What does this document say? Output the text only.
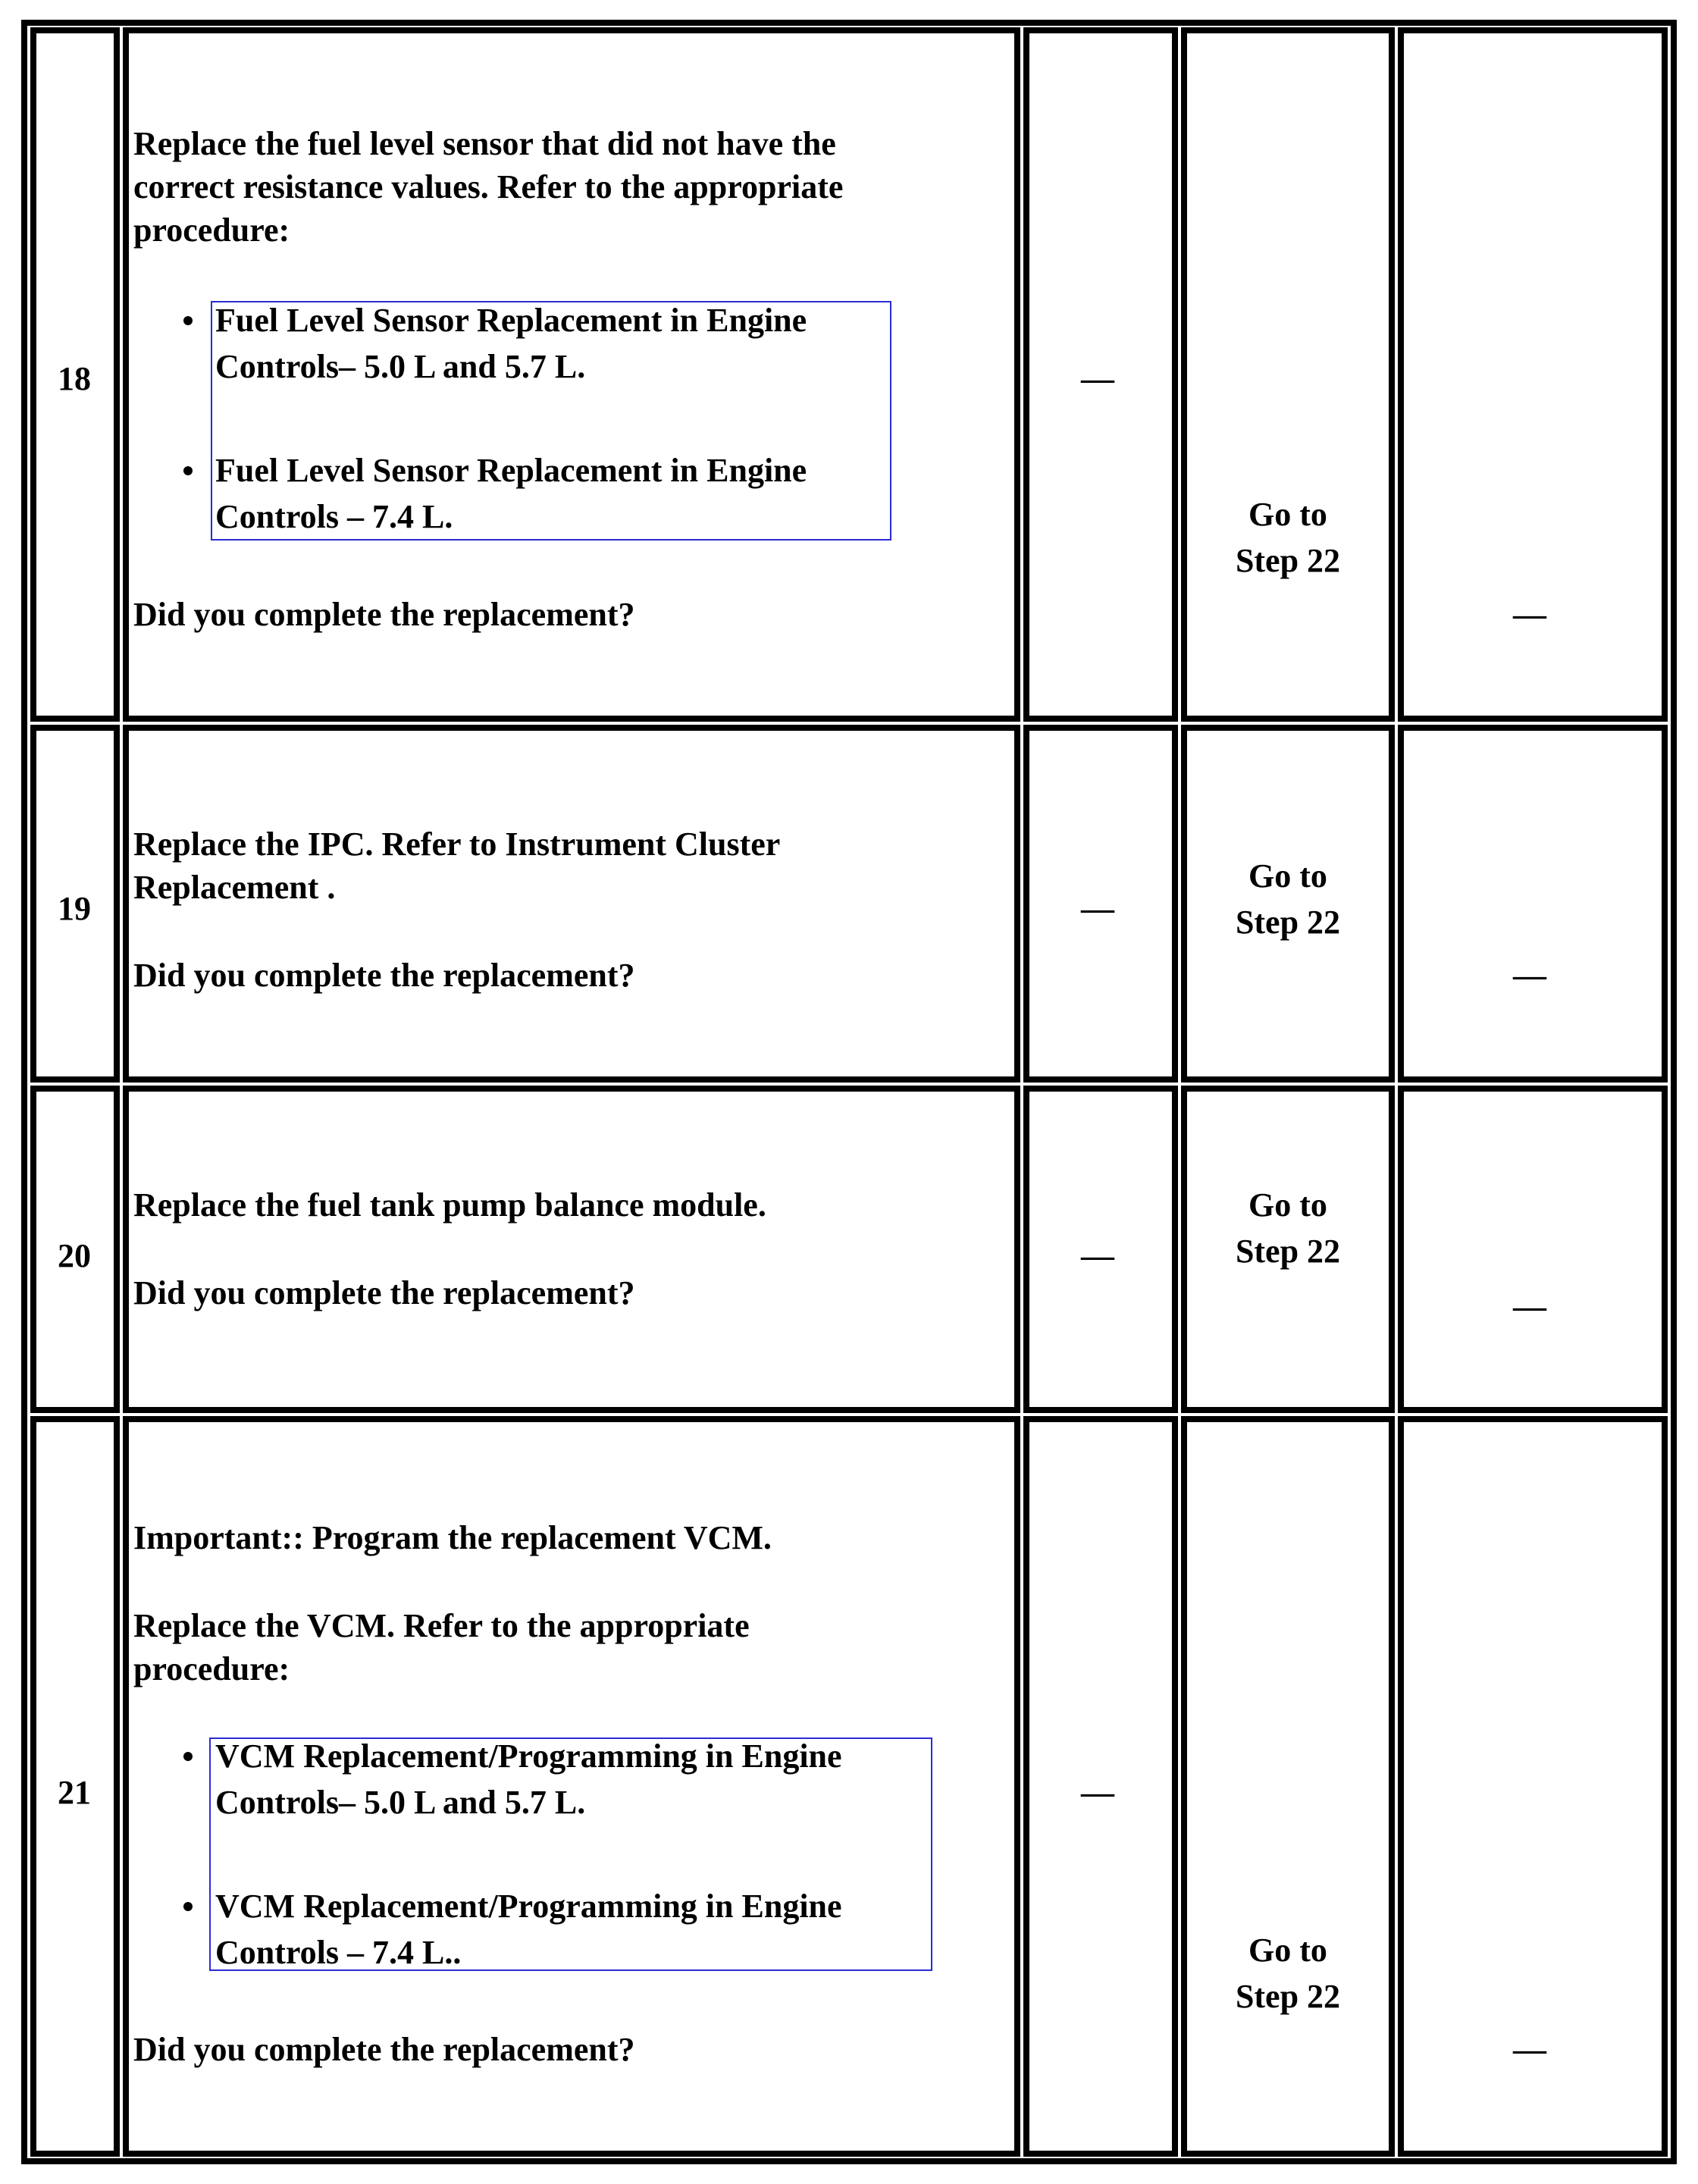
18
Replace the fuel level sensor that did not have the
correct resistance values. Refer to the appropriate
procedure:
Fuel Level Sensor Replacement in Engine
Controls– 5.0 L and 5.7 L.
Fuel Level Sensor Replacement in Engine
Controls – 7.4 L.
Did you complete the replacement?
—
Go to
Step 22
—
19
Replace the IPC. Refer to Instrument Cluster
Replacement .
Did you complete the replacement?
—
Go to
Step 22
—
20
Replace the fuel tank pump balance module.
Did you complete the replacement?
—
Go to
Step 22
—
21
Important:: Program the replacement VCM.
Replace the VCM. Refer to the appropriate
procedure:
VCM Replacement/Programming in Engine
Controls– 5.0 L and 5.7 L.
VCM Replacement/Programming in Engine
Controls – 7.4 L..
Did you complete the replacement?
—
Go to
Step 22
—
